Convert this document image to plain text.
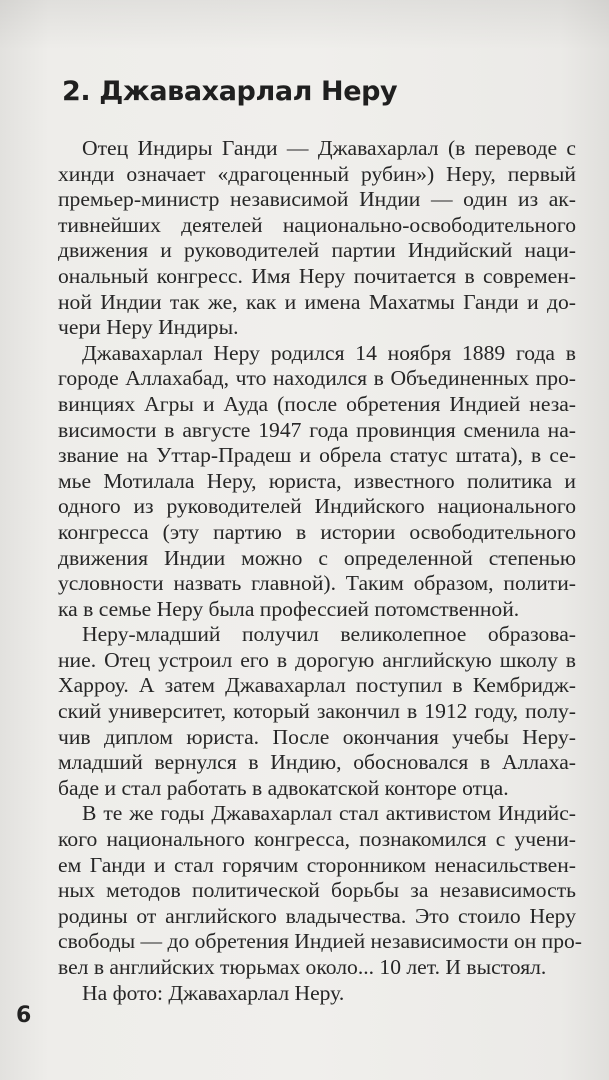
2. Джавахарлал Неру
Отец Индиры Ганди — Джавахарлал (в переводе с
хинди означает «драгоценный рубин») Неру, первый
премьер-министр независимой Индии — один из ак-
тивнейших деятелей национально-освободительного
движения и руководителей партии Индийский наци-
ональный конгресс. Имя Неру почитается в современ-
ной Индии так же, как и имена Махатмы Ганди и до-
чери Неру Индиры.
Джавахарлал Неру родился 14 ноября 1889 года в
городе Аллахабад, что находился в Объединенных про-
винциях Агры и Ауда (после обретения Индией неза-
висимости в августе 1947 года провинция сменила на-
звание на Уттар-Прадеш и обрела статус штата), в се-
мье Мотилала Неру, юриста, известного политика и
одного из руководителей Индийского национального
конгресса (эту партию в истории освободительного
движения Индии можно с определенной степенью
условности назвать главной). Таким образом, полити-
ка в семье Неру была профессией потомственной.
Неру-младший получил великолепное образова-
ние. Отец устроил его в дорогую английскую школу в
Харроу. А затем Джавахарлал поступил в Кембридж-
ский университет, который закончил в 1912 году, полу-
чив диплом юриста. После окончания учебы Неру-
младший вернулся в Индию, обосновался в Аллаха-
баде и стал работать в адвокатской конторе отца.
В те же годы Джавахарлал стал активистом Индийс-
кого национального конгресса, познакомился с учени-
ем Ганди и стал горячим сторонником ненасильствен-
ных методов политической борьбы за независимость
родины от английского владычества. Это стоило Неру
свободы — до обретения Индией независимости он про-
вел в английских тюрьмах около... 10 лет. И выстоял.
На фото: Джавахарлал Неру.
6
